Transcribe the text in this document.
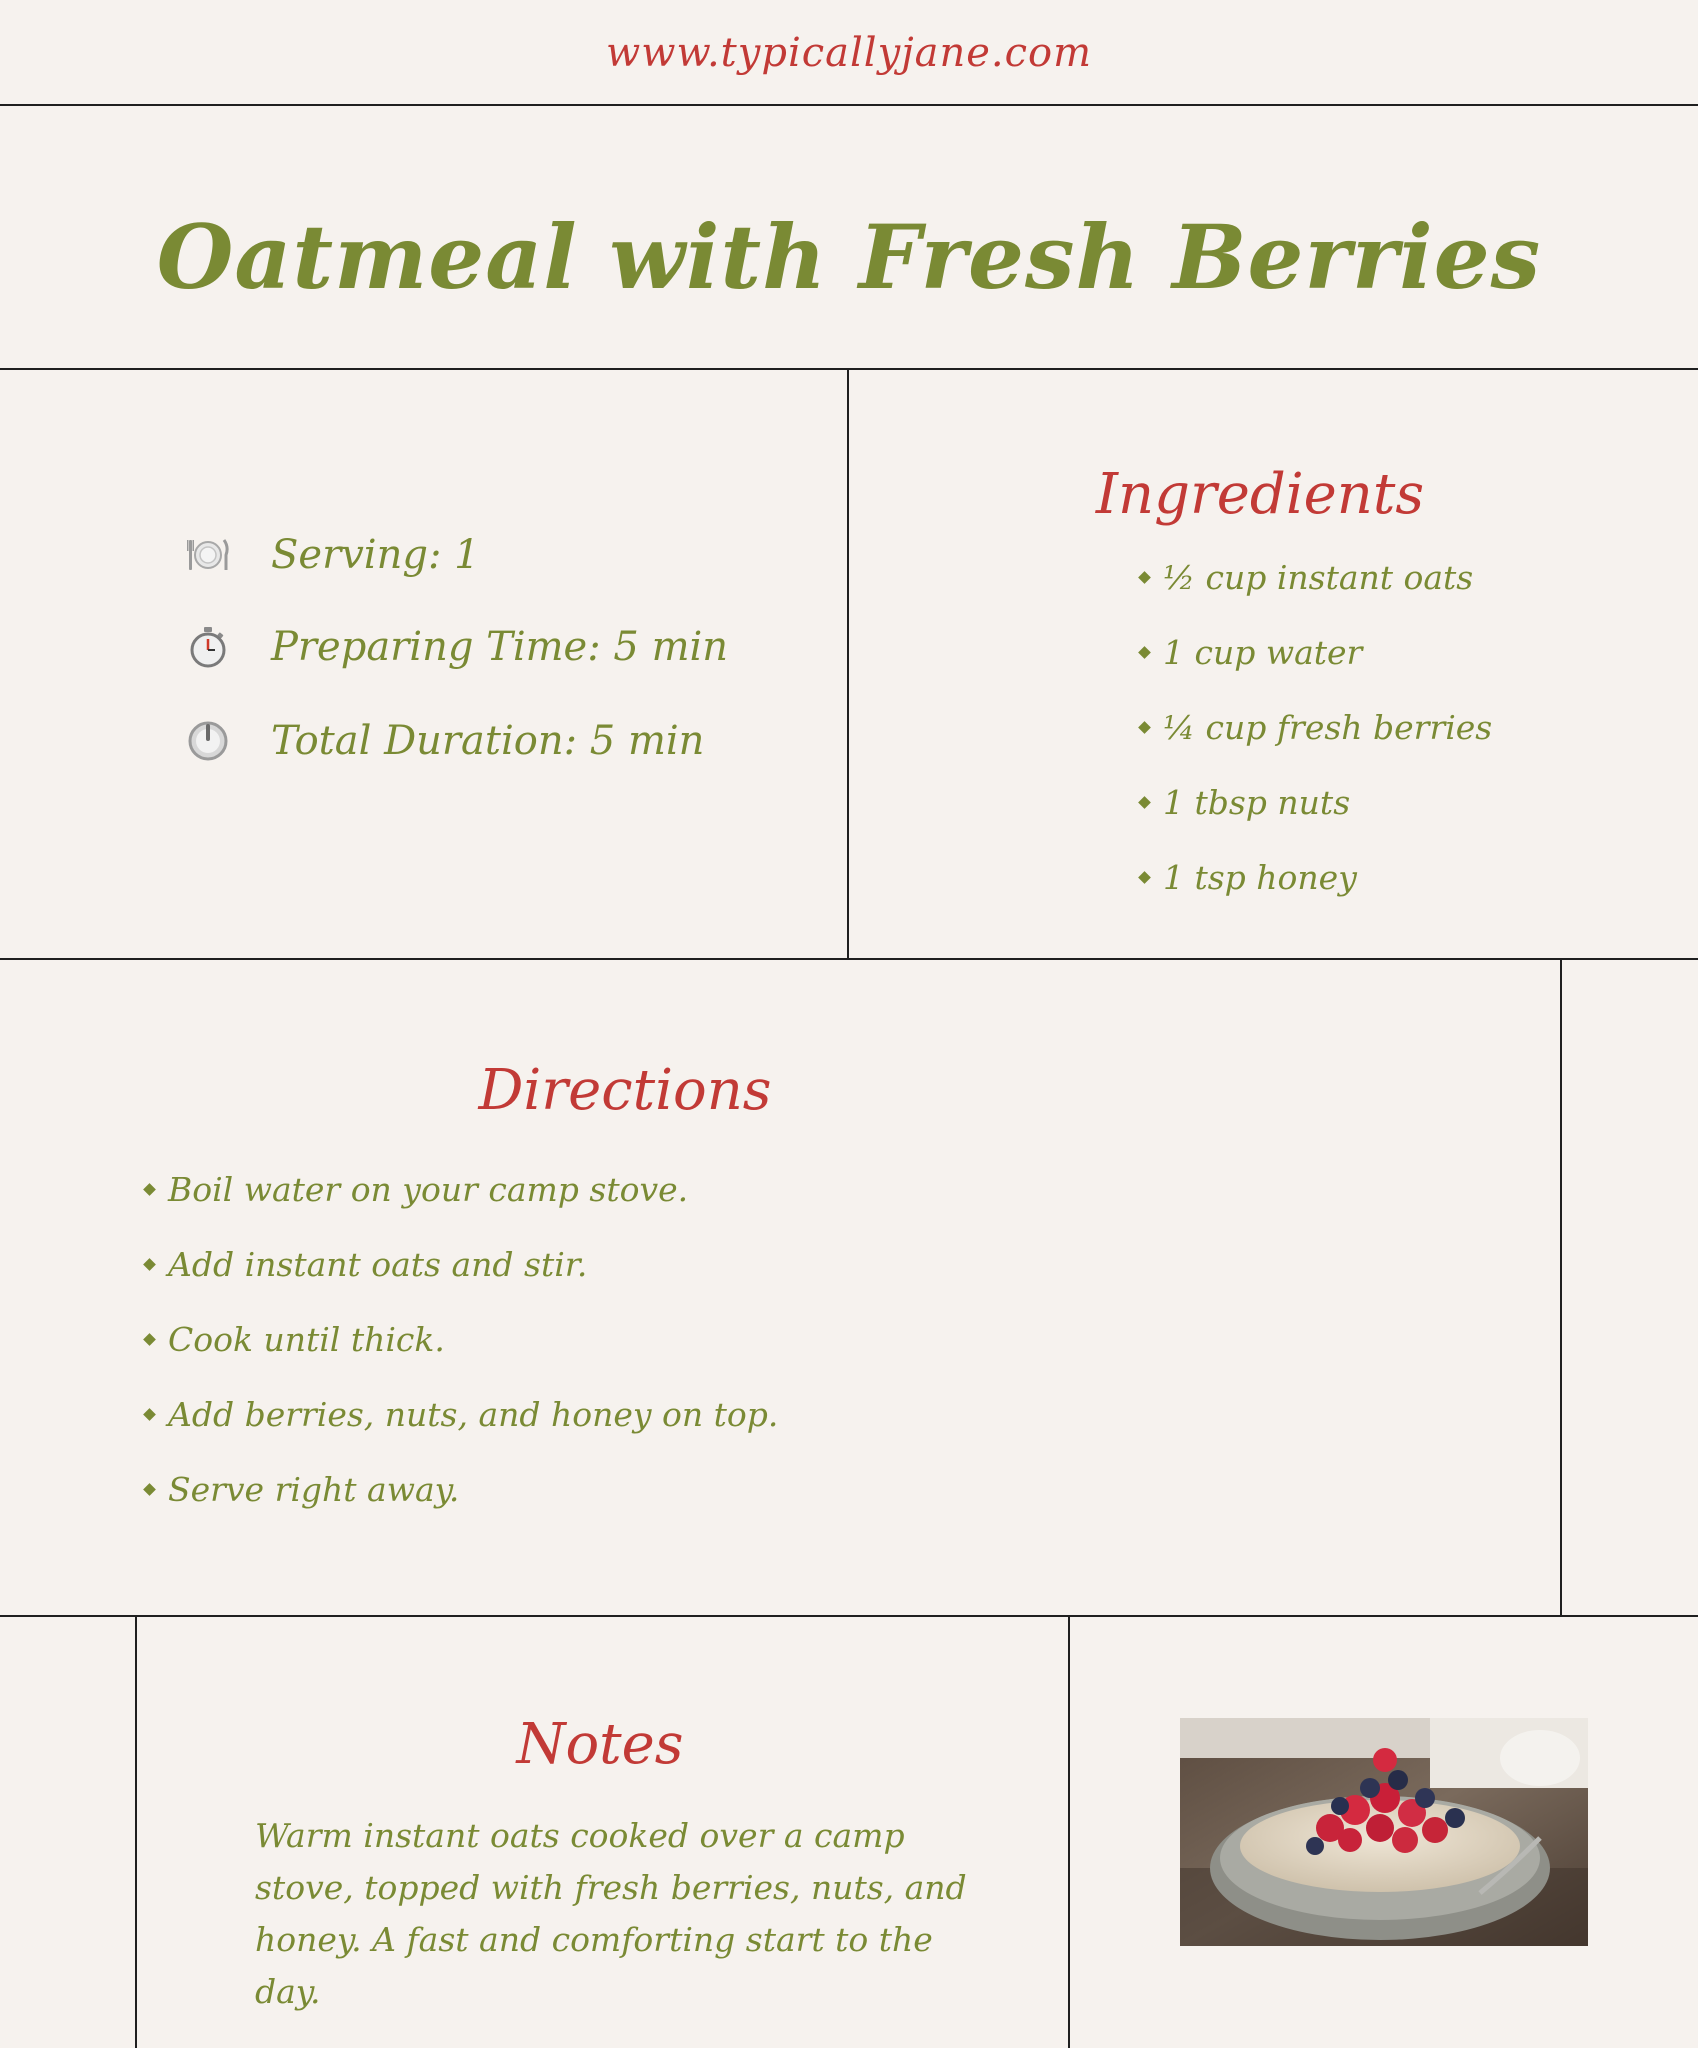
www.typicallyjane.com
Oatmeal with Fresh Berries
Serving: 1
Preparing Time: 5 min
Total Duration: 5 min
Ingredients
½ cup instant oats
1 cup water
¼ cup fresh berries
1 tbsp nuts
1 tsp honey
Directions
Boil water on your camp stove.
Add instant oats and stir.
Cook until thick.
Add berries, nuts, and honey on top.
Serve right away.
Notes
Warm instant oats cooked over a camp stove, topped with fresh berries, nuts, and honey. A fast and comforting start to the day.
